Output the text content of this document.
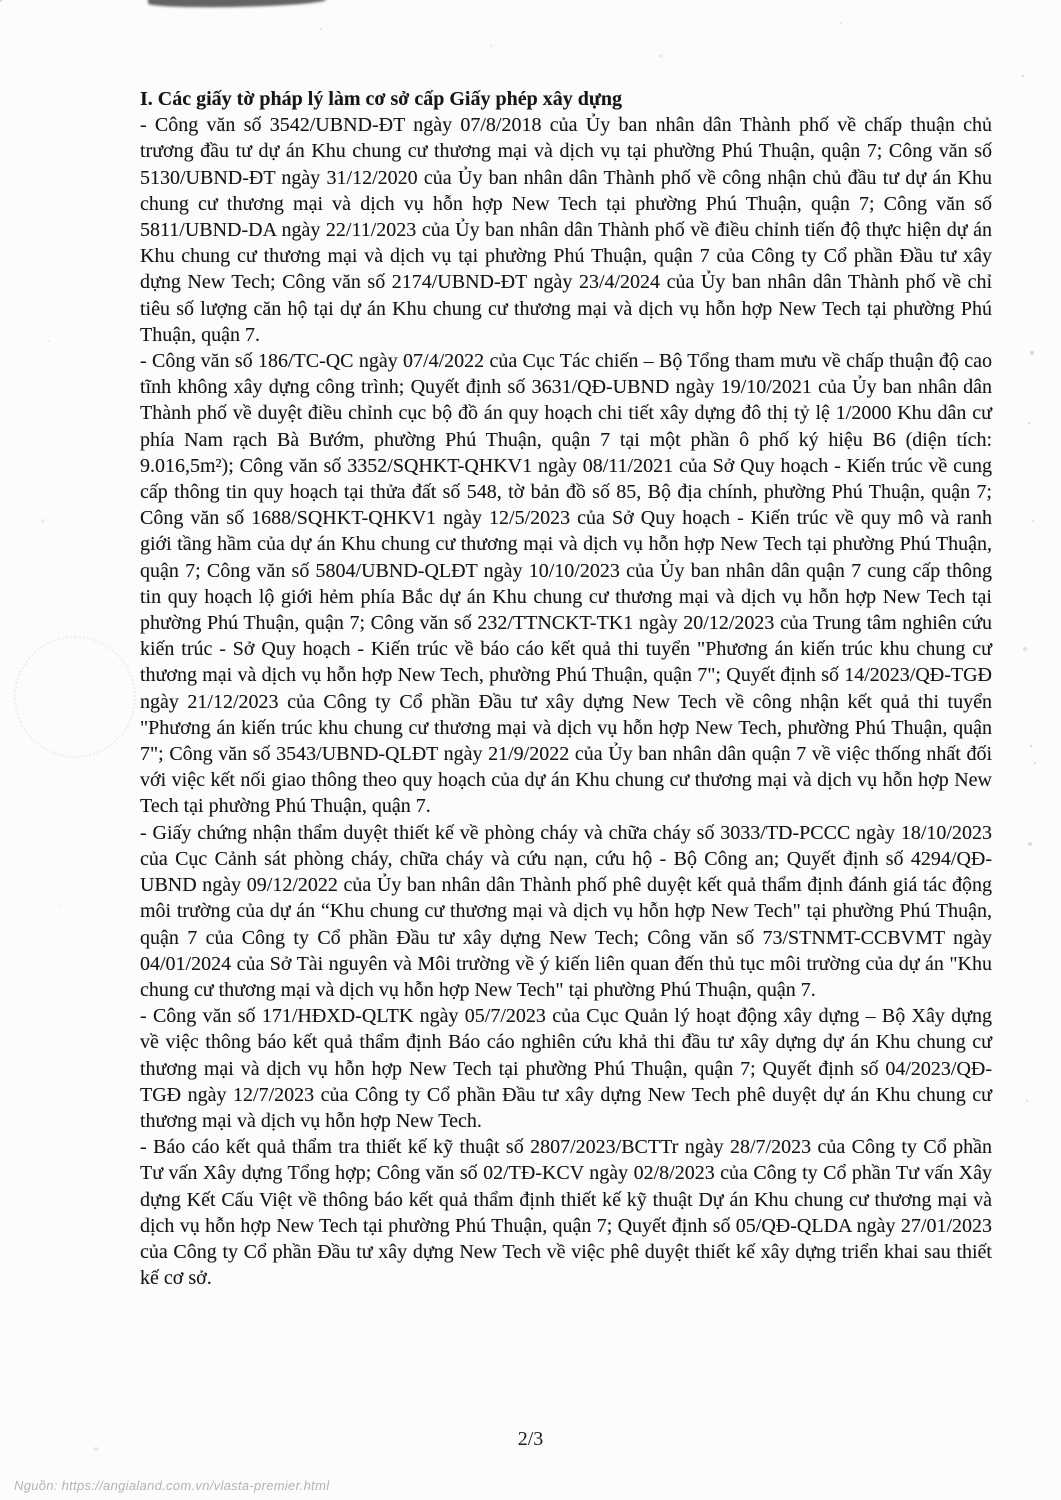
I. Các giấy tờ pháp lý làm cơ sở cấp Giấy phép xây dựng

- Công văn số 3542/UBND-ĐT ngày 07/8/2018 của Ủy ban nhân dân Thành phố về chấp thuận chủ trương đầu tư dự án Khu chung cư thương mại và dịch vụ tại phường Phú Thuận, quận 7; Công văn số 5130/UBND-ĐT ngày 31/12/2020 của Ủy ban nhân dân Thành phố về công nhận chủ đầu tư dự án Khu chung cư thương mại và dịch vụ hỗn hợp New Tech tại phường Phú Thuận, quận 7; Công văn số 5811/UBND-DA ngày 22/11/2023 của Ủy ban nhân dân Thành phố về điều chỉnh tiến độ thực hiện dự án Khu chung cư thương mại và dịch vụ tại phường Phú Thuận, quận 7 của Công ty Cổ phần Đầu tư xây dựng New Tech; Công văn số 2174/UBND-ĐT ngày 23/4/2024 của Ủy ban nhân dân Thành phố về chỉ tiêu số lượng căn hộ tại dự án Khu chung cư thương mại và dịch vụ hỗn hợp New Tech tại phường Phú Thuận, quận 7.

- Công văn số 186/TC-QC ngày 07/4/2022 của Cục Tác chiến – Bộ Tổng tham mưu về chấp thuận độ cao tĩnh không xây dựng công trình; Quyết định số 3631/QĐ-UBND ngày 19/10/2021 của Ủy ban nhân dân Thành phố về duyệt điều chỉnh cục bộ đồ án quy hoạch chi tiết xây dựng đô thị tỷ lệ 1/2000 Khu dân cư phía Nam rạch Bà Bướm, phường Phú Thuận, quận 7 tại một phần ô phố ký hiệu B6 (diện tích: 9.016,5m²); Công văn số 3352/SQHKT-QHKV1 ngày 08/11/2021 của Sở Quy hoạch - Kiến trúc về cung cấp thông tin quy hoạch tại thửa đất số 548, tờ bản đồ số 85, Bộ địa chính, phường Phú Thuận, quận 7; Công văn số 1688/SQHKT-QHKV1 ngày 12/5/2023 của Sở Quy hoạch - Kiến trúc về quy mô và ranh giới tầng hầm của dự án Khu chung cư thương mại và dịch vụ hỗn hợp New Tech tại phường Phú Thuận, quận 7; Công văn số 5804/UBND-QLĐT ngày 10/10/2023 của Ủy ban nhân dân quận 7 cung cấp thông tin quy hoạch lộ giới hẻm phía Bắc dự án Khu chung cư thương mại và dịch vụ hỗn hợp New Tech tại phường Phú Thuận, quận 7; Công văn số 232/TTNCKT-TK1 ngày 20/12/2023 của Trung tâm nghiên cứu kiến trúc - Sở Quy hoạch - Kiến trúc về báo cáo kết quả thi tuyển "Phương án kiến trúc khu chung cư thương mại và dịch vụ hỗn hợp New Tech, phường Phú Thuận, quận 7"; Quyết định số 14/2023/QĐ-TGĐ ngày 21/12/2023 của Công ty Cổ phần Đầu tư xây dựng New Tech về công nhận kết quả thi tuyển "Phương án kiến trúc khu chung cư thương mại và dịch vụ hỗn hợp New Tech, phường Phú Thuận, quận 7"; Công văn số 3543/UBND-QLĐT ngày 21/9/2022 của Ủy ban nhân dân quận 7 về việc thống nhất đối với việc kết nối giao thông theo quy hoạch của dự án Khu chung cư thương mại và dịch vụ hỗn hợp New Tech tại phường Phú Thuận, quận 7.

- Giấy chứng nhận thẩm duyệt thiết kế về phòng cháy và chữa cháy số 3033/TD-PCCC ngày 18/10/2023 của Cục Cảnh sát phòng cháy, chữa cháy và cứu nạn, cứu hộ - Bộ Công an; Quyết định số 4294/QĐ-UBND ngày 09/12/2022 của Ủy ban nhân dân Thành phố phê duyệt kết quả thẩm định đánh giá tác động môi trường của dự án “Khu chung cư thương mại và dịch vụ hỗn hợp New Tech" tại phường Phú Thuận, quận 7 của Công ty Cổ phần Đầu tư xây dựng New Tech; Công văn số 73/STNMT-CCBVMT ngày 04/01/2024 của Sở Tài nguyên và Môi trường về ý kiến liên quan đến thủ tục môi trường của dự án "Khu chung cư thương mại và dịch vụ hỗn hợp New Tech" tại phường Phú Thuận, quận 7.

- Công văn số 171/HĐXD-QLTK ngày 05/7/2023 của Cục Quản lý hoạt động xây dựng – Bộ Xây dựng về việc thông báo kết quả thẩm định Báo cáo nghiên cứu khả thi đầu tư xây dựng dự án Khu chung cư thương mại và dịch vụ hỗn hợp New Tech tại phường Phú Thuận, quận 7; Quyết định số 04/2023/QĐ-TGĐ ngày 12/7/2023 của Công ty Cổ phần Đầu tư xây dựng New Tech phê duyệt dự án Khu chung cư thương mại và dịch vụ hỗn hợp New Tech.

- Báo cáo kết quả thẩm tra thiết kế kỹ thuật số 2807/2023/BCTTr ngày 28/7/2023 của Công ty Cổ phần Tư vấn Xây dựng Tổng hợp; Công văn số 02/TĐ-KCV ngày 02/8/2023 của Công ty Cổ phần Tư vấn Xây dựng Kết Cấu Việt về thông báo kết quả thẩm định thiết kế kỹ thuật Dự án Khu chung cư thương mại và dịch vụ hỗn hợp New Tech tại phường Phú Thuận, quận 7; Quyết định số 05/QĐ-QLDA ngày 27/01/2023 của Công ty Cổ phần Đầu tư xây dựng New Tech về việc phê duyệt thiết kế xây dựng triển khai sau thiết kế cơ sở.

2/3
Nguồn: https://angialand.com.vn/vlasta-premier.html
